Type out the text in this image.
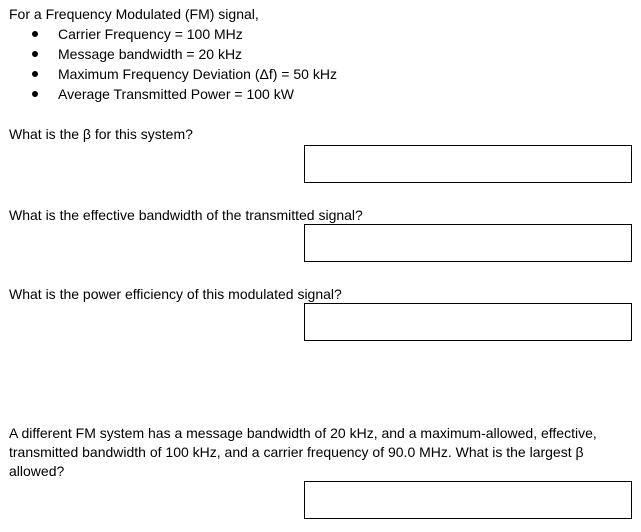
For a Frequency Modulated (FM) signal,
Carrier Frequency = 100 MHz
Message bandwidth = 20 kHz
Maximum Frequency Deviation (Δf) = 50 kHz
Average Transmitted Power = 100 kW
What is the β for this system?
What is the effective bandwidth of the transmitted signal?
What is the power efficiency of this modulated signal?
A different FM system has a message bandwidth of 20 kHz, and a maximum-allowed, effective, transmitted bandwidth of 100 kHz, and a carrier frequency of 90.0 MHz. What is the largest β allowed?
